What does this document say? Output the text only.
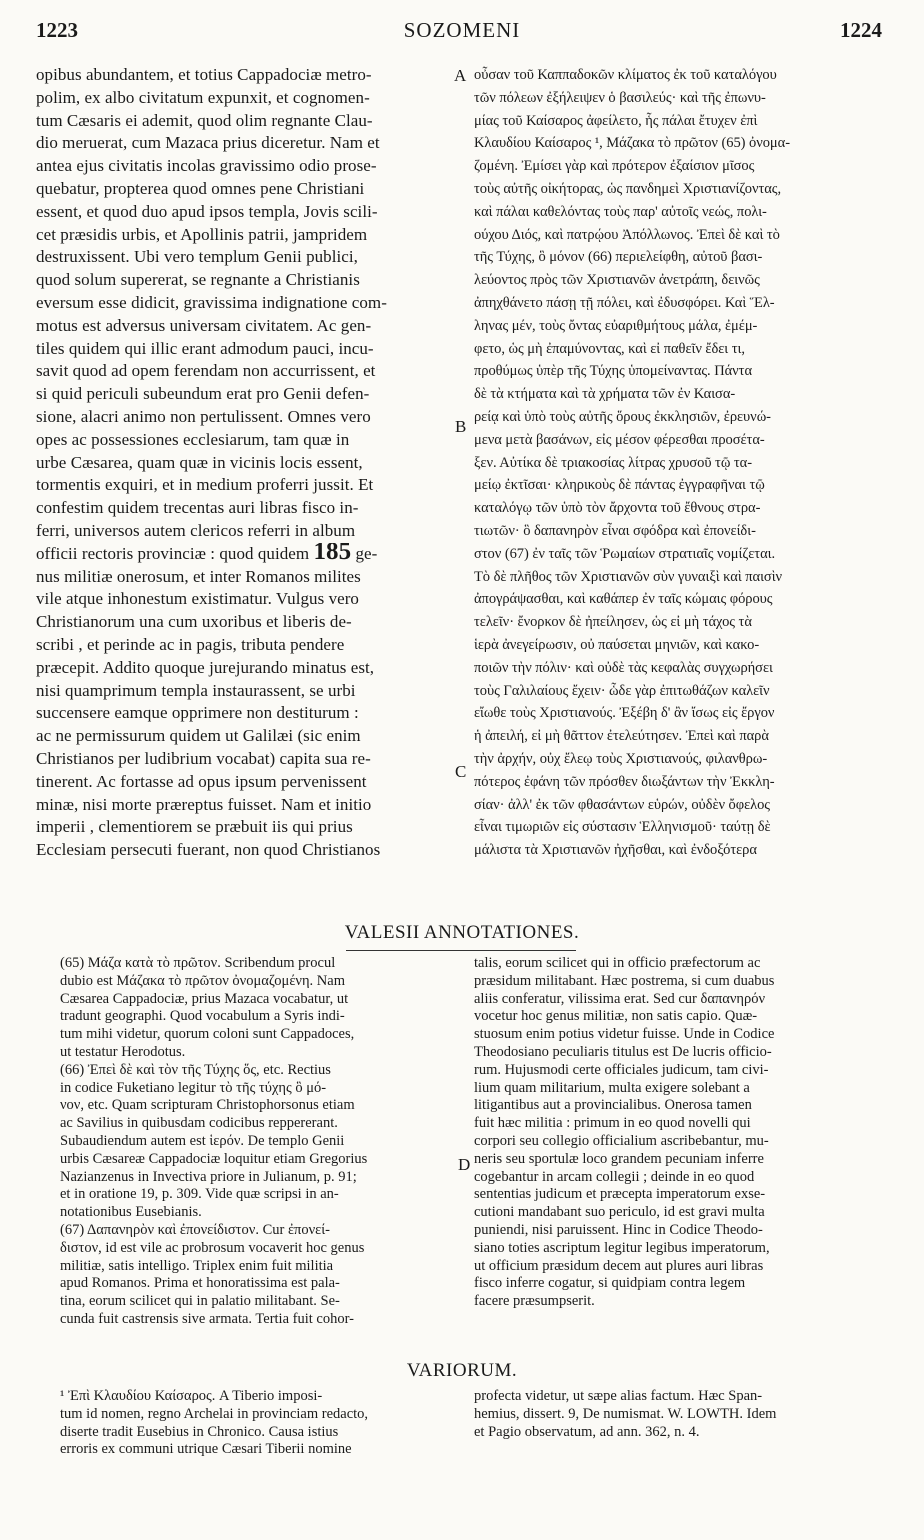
1223	SOZOMENI	1224
opibus abundantem, et totius Cappadociæ metro-
polim, ex albo civitatum expunxit, et cognomen-
tum Cæsaris ei ademit, quod olim regnante Clau-
dio meruerat, cum Mazaca prius diceretur. Nam et
antea ejus civitatis incolas gravissimo odio prose-
quebatur, propterea quod omnes pene Christiani
essent, et quod duo apud ipsos templa, Jovis scili-
cet præsidis urbis, et Apollinis patrii, jampridem
destruxissent. Ubi vero templum Genii publici,
quod solum supererat, se regnante a Christianis
eversum esse didicit, gravissima indignatione com-
motus est adversus universam civitatem. Ac gen-
tiles quidem qui illic erant admodum pauci, incu-
savit quod ad opem ferendam non accurrissent, et
si quid periculi subeundum erat pro Genii defen-
sione, alacri animo non pertulissent. Omnes vero
opes ac possessiones ecclesiarum, tam quæ in
urbe Cæsarea, quam quæ in vicinis locis essent,
tormentis exquiri, et in medium proferri jussit. Et
confestim quidem trecentas auri libras fisco in-
ferri, universos autem clericos referri in album
officii rectoris provinciæ : quod quidem 185 ge-
nus militiæ onerosum, et inter Romanos milites
vile atque inhonestum existimatur. Vulgus vero
Christianorum una cum uxoribus et liberis de-
scribi , et perinde ac in pagis, tributa pendere
præcepit. Addito quoque jurejurando minatus est,
nisi quamprimum templa instaurassent, se urbi
succensere eamque opprimere non destiturum :
ac ne permissurum quidem ut Galilæi (sic enim
Christianos per ludibrium vocabat) capita sua re-
tinerent. Ac fortasse ad opus ipsum pervenissent
minæ, nisi morte præreptus fuisset. Nam et initio
imperii , clementiorem se præbuit iis qui prius
Ecclesiam persecuti fuerant, non quod Christianos
οὖσαν τοῦ Καππαδοκῶν κλίματος ἐκ τοῦ καταλόγου
τῶν πόλεων ἐξήλειψεν ὁ βασιλεύς· καὶ τῆς ἐπωνυ-
μίας τοῦ Καίσαρος ἀφείλετο, ἧς πάλαι ἔτυχεν ἐπὶ
Κλαυδίου Καίσαρος ¹, Μάζακα τὸ πρῶτον (65) ὀνομα-
ζομένη. Ἐμίσει γὰρ καὶ πρότερον ἐξαίσιον μῖσος
τοὺς αὐτῆς οἰκήτορας, ὡς πανδημεὶ Χριστιανίζοντας,
καὶ πάλαι καθελόντας τοὺς παρ' αὐτοῖς νεώς, πολι-
ούχου Διός, καὶ πατρῴου Ἀπόλλωνος. Ἐπεὶ δὲ καὶ τὸ
τῆς Τύχης, ὃ μόνον (66) περιελείφθη, αὐτοῦ βασι-
λεύοντος πρὸς τῶν Χριστιανῶν ἀνετράπη, δεινῶς
ἀπηχθάνετο πάσῃ τῇ πόλει, καὶ ἐδυσφόρει. Καὶ Ἕλ-
ληνας μέν, τοὺς ὄντας εὐαριθμήτους μάλα, ἐμέμ-
φετο, ὡς μὴ ἐπαμύνοντας, καὶ εἰ παθεῖν ἔδει τι,
προθύμως ὑπὲρ τῆς Τύχης ὑπομείναντας. Πάντα
δὲ τὰ κτήματα καὶ τὰ χρήματα τῶν ἐν Καισα-
ρείᾳ καὶ ὑπὸ τοὺς αὐτῆς ὅρους ἐκκλησιῶν, ἐρευνώ-
μενα μετὰ βασάνων, εἰς μέσον φέρεσθαι προσέτα-
ξεν. Αὐτίκα δὲ τριακοσίας λίτρας χρυσοῦ τῷ τα-
μείῳ ἐκτῖσαι· κληρικοὺς δὲ πάντας ἐγγραφῆναι τῷ
καταλόγῳ τῶν ὑπὸ τὸν ἄρχοντα τοῦ ἔθνους στρα-
τιωτῶν· ὃ δαπανηρὸν εἶναι σφόδρα καὶ ἐπονείδι-
στον (67) ἐν ταῖς τῶν Ῥωμαίων στρατιαῖς νομίζεται.
Τὸ δὲ πλῆθος τῶν Χριστιανῶν σὺν γυναιξὶ καὶ παισὶν
ἀπογράψασθαι, καὶ καθάπερ ἐν ταῖς κώμαις φόρους
τελεῖν· ἔνορκον δὲ ἠπείλησεν, ὡς εἰ μὴ τάχος τὰ
ἱερὰ ἀνεγείρωσιν, οὐ παύσεται μηνιῶν, καὶ κακο-
ποιῶν τὴν πόλιν· καὶ οὐδὲ τὰς κεφαλὰς συγχωρήσει
τοὺς Γαλιλαίους ἔχειν· ὧδε γὰρ ἐπιτωθάζων καλεῖν
εἴωθε τοὺς Χριστιανούς. Ἐξέβη δ' ἂν ἴσως εἰς ἔργον
ἡ ἀπειλή, εἰ μὴ θᾶττον ἐτελεύτησεν. Ἐπεὶ καὶ παρὰ
τὴν ἀρχήν, οὐχ ἔλεῳ τοὺς Χριστιανούς, φιλανθρω-
πότερος ἐφάνη τῶν πρόσθεν διωξάντων τὴν Ἐκκλη-
σίαν· ἀλλ' ἐκ τῶν φθασάντων εὑρών, οὐδὲν ὄφελος
εἶναι τιμωριῶν εἰς σύστασιν Ἑλληνισμοῦ· ταύτῃ δὲ
μάλιστα τὰ Χριστιανῶν ἠχῆσθαι, καὶ ἐνδοξότερα
A
B
C
D
VALESII ANNOTATIONES.
(65) Μάζα κατὰ τὸ πρῶτον. Scribendum procul
dubio est Μάζακα τὸ πρῶτον ὀνομαζομένη. Nam
Cæsarea Cappadociæ, prius Mazaca vocabatur, ut
tradunt geographi. Quod vocabulum a Syris indi-
tum mihi videtur, quorum coloni sunt Cappadoces,
ut testatur Herodotus.
(66) Ἐπεὶ δὲ καὶ τὸν τῆς Τύχης ὅς, etc. Rectius
in codice Fuketiano legitur τὸ τῆς τύχης ὃ μό-
νον, etc. Quam scripturam Christophorsonus etiam
ac Savilius in quibusdam codicibus reppererant.
Subaudiendum autem est ἱερόν. De templo Genii
urbis Cæsareæ Cappadociæ loquitur etiam Gregorius
Nazianzenus in Invectiva priore in Julianum, p. 91;
et in oratione 19, p. 309. Vide quæ scripsi in an-
notationibus Eusebianis.
(67) Δαπανηρὸν καὶ ἐπονείδιστον. Cur ἐπονεί-
διστον, id est vile ac probrosum vocaverit hoc genus
militiæ, satis intelligo. Triplex enim fuit militia
apud Romanos. Prima et honoratissima est pala-
tina, eorum scilicet qui in palatio militabant. Se-
cunda fuit castrensis sive armata. Tertia fuit cohor-
talis, eorum scilicet qui in officio præfectorum ac
præsidum militabant. Hæc postrema, si cum duabus
aliis conferatur, vilissima erat. Sed cur δαπανηρόν
vocetur hoc genus militiæ, non satis capio. Quæ-
stuosum enim potius videtur fuisse. Unde in Codice
Theodosiano peculiaris titulus est De lucris officio-
rum. Hujusmodi certe officiales judicum, tam civi-
lium quam militarium, multa exigere solebant a
litigantibus aut a provincialibus. Onerosa tamen
fuit hæc militia : primum in eo quod novelli qui
corpori seu collegio officialium ascribebantur, mu-
neris seu sportulæ loco grandem pecuniam inferre
cogebantur in arcam collegii ; deinde in eo quod
sententias judicum et præcepta imperatorum exse-
cutioni mandabant suo periculo, id est gravi multa
puniendi, nisi paruissent. Hinc in Codice Theodo-
siano toties ascriptum legitur legibus imperatorum,
ut officium præsidum decem aut plures auri libras
fisco inferre cogatur, si quidpiam contra legem
facere præsumpserit.
VARIORUM.
¹ Ἐπὶ Κλαυδίου Καίσαρος. A Tiberio imposi-
tum id nomen, regno Archelai in provinciam redacto,
diserte tradit Eusebius in Chronico. Causa istius
erroris ex communi utrique Cæsari Tiberii nomine
profecta videtur, ut sæpe alias factum. Hæc Span-
hemius, dissert. 9, De numismat. W. LOWTH. Idem
et Pagio observatum, ad ann. 362, n. 4.
